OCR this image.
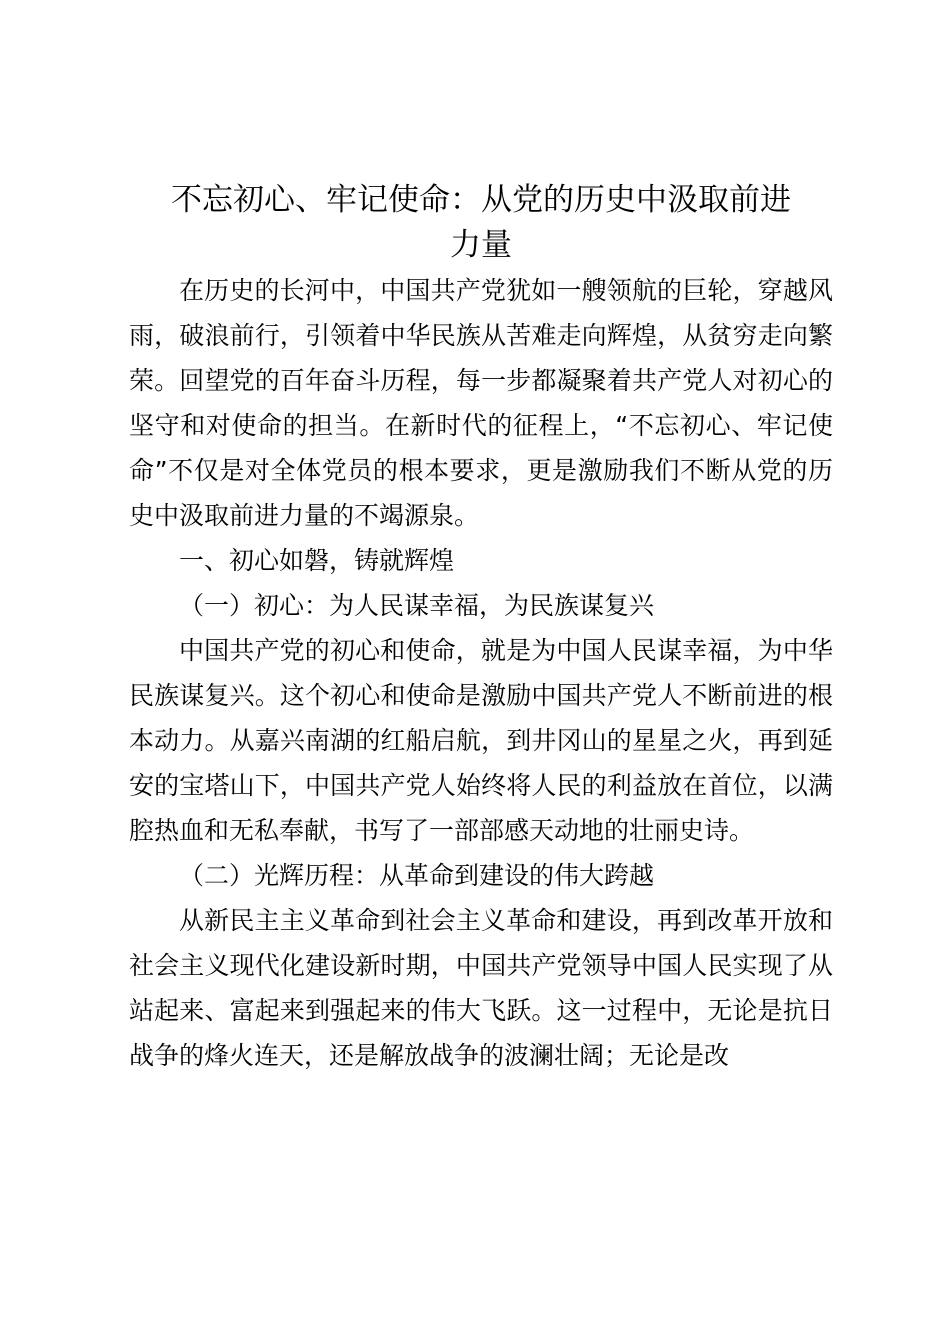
不忘初心、牢记使命：从党的历史中汲取前进
力量

在历史的长河中，中国共产党犹如一艘领航的巨轮，穿越风雨，破浪前行，引领着中华民族从苦难走向辉煌，从贫穷走向繁荣。回望党的百年奋斗历程，每一步都凝聚着共产党人对初心的坚守和对使命的担当。在新时代的征程上，“不忘初心、牢记使命”不仅是对全体党员的根本要求，更是激励我们不断从党的历史中汲取前进力量的不竭源泉。

一、初心如磐，铸就辉煌

（一）初心：为人民谋幸福，为民族谋复兴

中国共产党的初心和使命，就是为中国人民谋幸福，为中华民族谋复兴。这个初心和使命是激励中国共产党人不断前进的根本动力。从嘉兴南湖的红船启航，到井冈山的星星之火，再到延安的宝塔山下，中国共产党人始终将人民的利益放在首位，以满腔热血和无私奉献，书写了一部部感天动地的壮丽史诗。

（二）光辉历程：从革命到建设的伟大跨越

从新民主主义革命到社会主义革命和建设，再到改革开放和社会主义现代化建设新时期，中国共产党领导中国人民实现了从站起来、富起来到强起来的伟大飞跃。这一过程中，无论是抗日战争的烽火连天，还是解放战争的波澜壮阔；无论是改
